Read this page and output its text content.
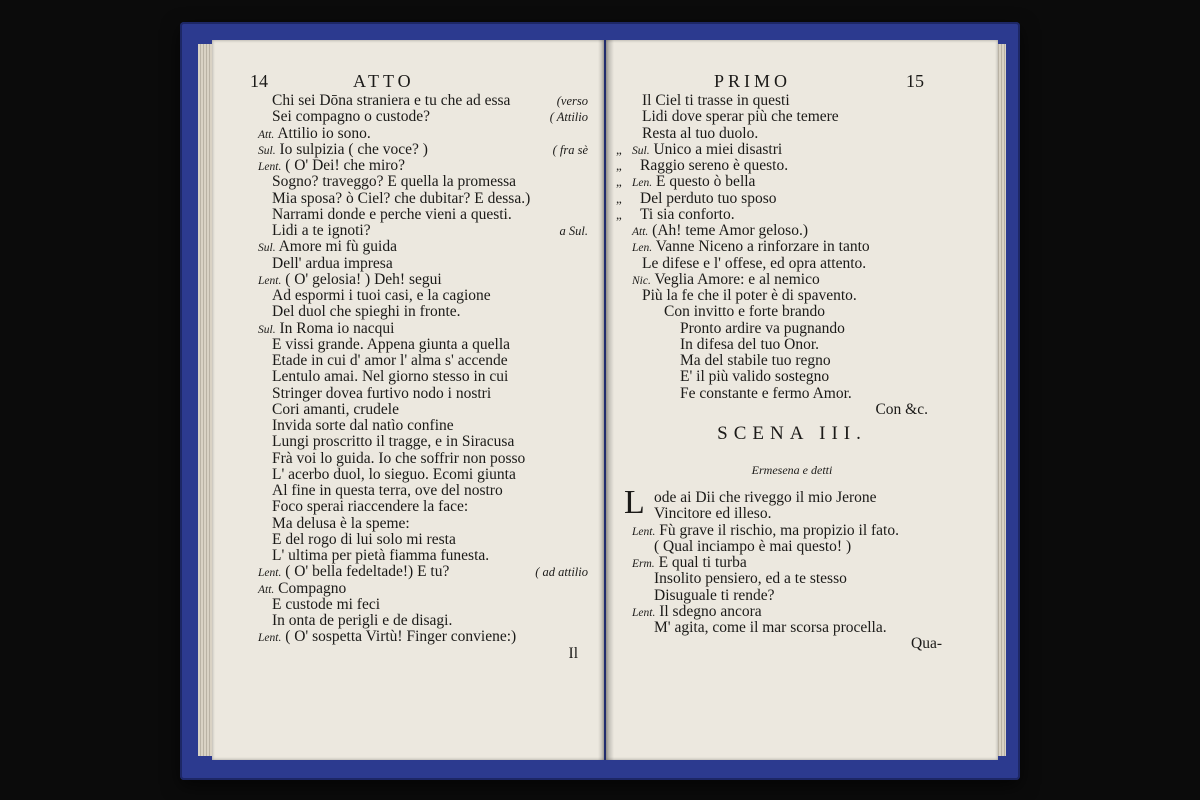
14	ATTO
Chi sei Dōna straniera e tu che ad essa	(verso
Sei compagno o custode?	( Attilio
Att. Attilio io sono.
Sul. Io sulpizia ( che voce? )	( fra sè
Lent. ( O' Dei! che miro?
Sogno? traveggo? E quella la promessa
Mia sposa? ò Ciel? che dubitar? E dessa.)
Narrami donde e perche vieni a questi.
Lidi a te ignoti?	a Sul.
Sul. Amore mi fù guida
Dell' ardua impresa
Lent. ( O' gelosia! ) Deh! segui
Ad espormi i tuoi casi, e la cagione
Del duol che spieghi in fronte.
Sul. In Roma io nacqui
E vissi grande. Appena giunta a quella
Etade in cui d' amor l' alma s' accende
Lentulo amai. Nel giorno stesso in cui
Stringer dovea furtivo nodo i nostri
Cori amanti, crudele
Invida sorte dal natìo confine
Lungi proscritto il tragge, e in Siracusa
Frà voi lo guida. Io che soffrir non posso
L' acerbo duol, lo sieguo. Ecomi giunta
Al fine in questa terra, ove del nostro
Foco sperai riaccendere la face:
Ma delusa è la speme:
E del rogo di lui solo mi resta
L' ultima per pietà fiamma funesta.
Lent. ( O' bella fedeltade!) E tu?	( ad attilio
Att. Compagno
E custode mi feci
In onta de perigli e de disagi.
Lent. ( O' sospetta Virtù! Finger conviene:)
Il
PRIMO	15
Il Ciel ti trasse in questi
Lidi dove sperar più che temere
Resta al tuo duolo.
„ Sul. Unico a miei disastri
„ Raggio sereno è questo.
„ Len. E questo ò bella
„ Del perduto tuo sposo
„ Ti sia conforto.
Att. (Ah! teme Amor geloso.)
Len. Vanne Niceno a rinforzare in tanto
Le difese e l' offese, ed opra attento.
Nic. Veglia Amore: e al nemico
Più la fe che il poter è di spavento.
Con invitto e forte brando
Pronto ardire va pugnando
In difesa del tuo Onor.
Ma del stabile tuo regno
E' il più valido sostegno
Fe constante e fermo Amor.
Con &c.
SCENA III.
Ermesena e detti
L ode ai Dii che riveggo il mio Jerone
Vincitore ed illeso.
Lent. Fù grave il rischio, ma propizio il fato.
( Qual inciampo è mai questo! )
Erm. E qual ti turba
Insolito pensiero, ed a te stesso
Disuguale ti rende?
Lent. Il sdegno ancora
M' agita, come il mar scorsa procella.
Qua-
